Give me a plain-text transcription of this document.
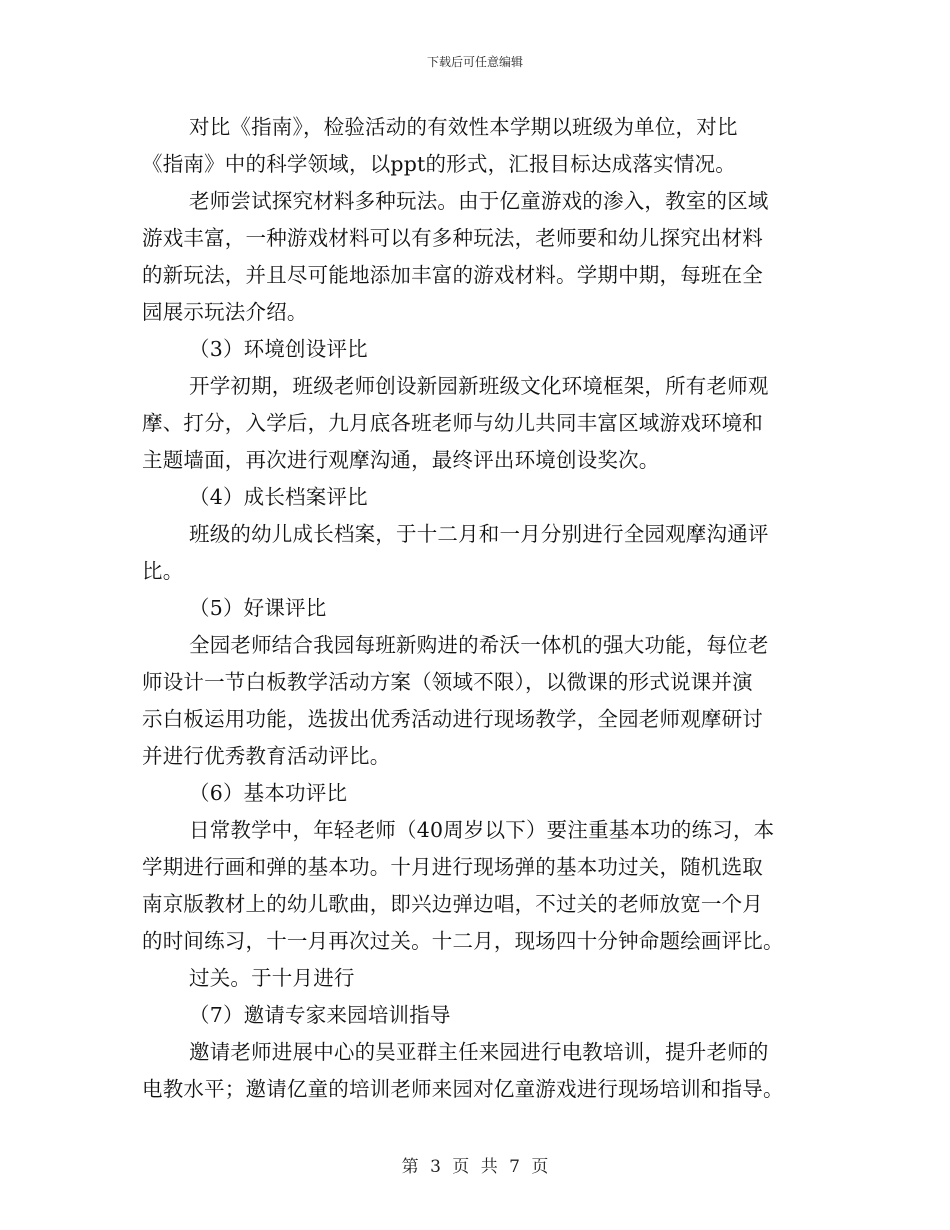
下载后可任意编辑
对比《指南》，检验活动的有效性本学期以班级为单位，对比
《指南》中的科学领域，以ppt的形式，汇报目标达成落实情况。
老师尝试探究材料多种玩法。由于亿童游戏的渗入，教室的区域
游戏丰富，一种游戏材料可以有多种玩法，老师要和幼儿探究出材料
的新玩法，并且尽可能地添加丰富的游戏材料。学期中期，每班在全
园展示玩法介绍。
（3）环境创设评比
开学初期，班级老师创设新园新班级文化环境框架，所有老师观
摩、打分，入学后，九月底各班老师与幼儿共同丰富区域游戏环境和
主题墙面，再次进行观摩沟通，最终评出环境创设奖次。
（4）成长档案评比
班级的幼儿成长档案，于十二月和一月分别进行全园观摩沟通评
比。
（5）好课评比
全园老师结合我园每班新购进的希沃一体机的强大功能，每位老
师设计一节白板教学活动方案（领域不限），以微课的形式说课并演
示白板运用功能，选拔出优秀活动进行现场教学，全园老师观摩研讨
并进行优秀教育活动评比。
（6）基本功评比
日常教学中，年轻老师（40周岁以下）要注重基本功的练习，本
学期进行画和弹的基本功。十月进行现场弹的基本功过关，随机选取
南京版教材上的幼儿歌曲，即兴边弹边唱，不过关的老师放宽一个月
的时间练习，十一月再次过关。十二月，现场四十分钟命题绘画评比。
过关。于十月进行
（7）邀请专家来园培训指导
邀请老师进展中心的吴亚群主任来园进行电教培训，提升老师的
电教水平；邀请亿童的培训老师来园对亿童游戏进行现场培训和指导。
第 3 页 共 7 页
